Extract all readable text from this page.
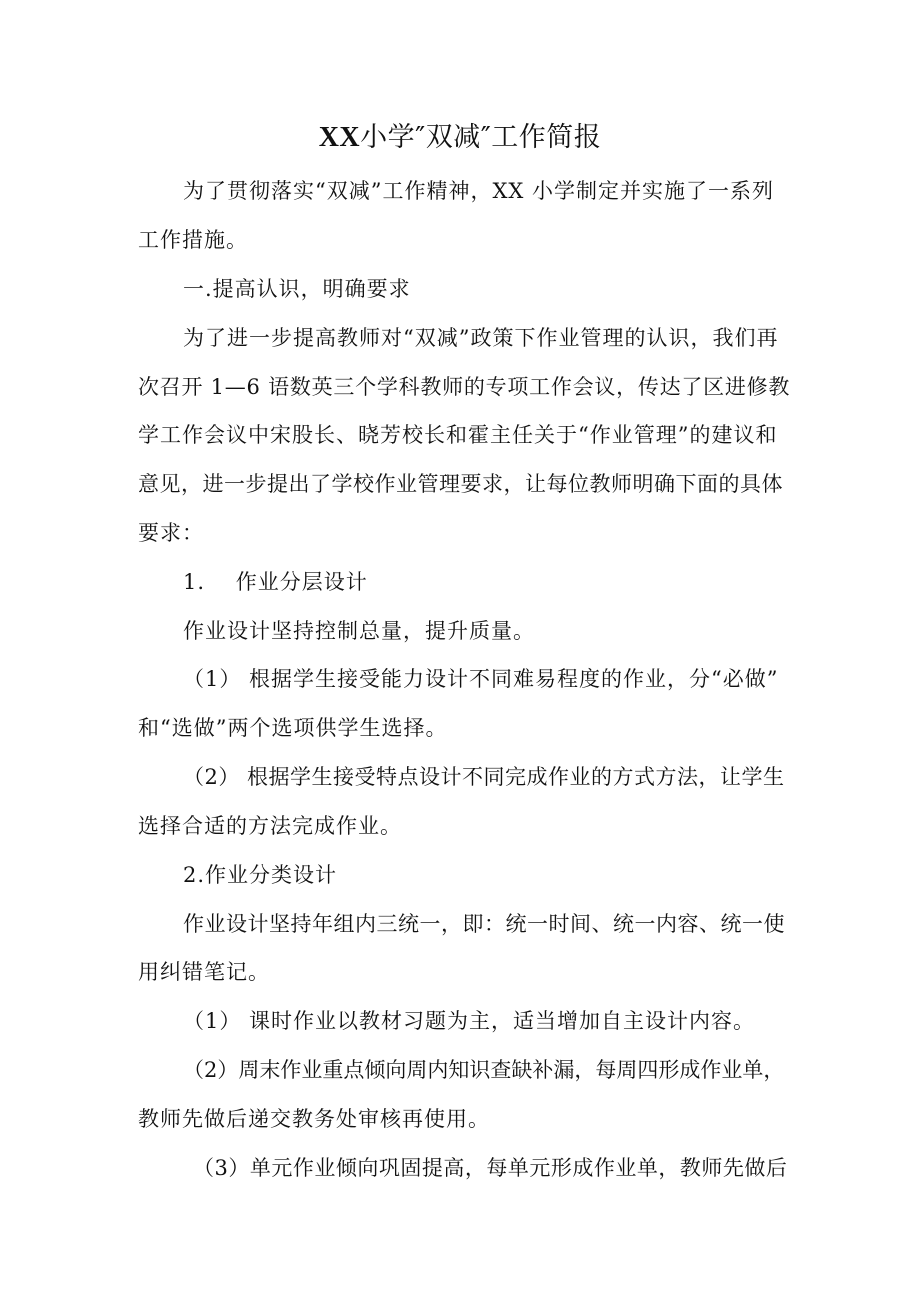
XX小学″双减″工作简报
为了贯彻落实“双减”工作精神，XX 小学制定并实施了一系列
工作措施。
一.提高认识，明确要求
为了进一步提高教师对“双减”政策下作业管理的认识，我们再
次召开 1—6 语数英三个学科教师的专项工作会议，传达了区进修教
学工作会议中宋股长、晓芳校长和霍主任关于“作业管理”的建议和
意见，进一步提出了学校作业管理要求，让每位教师明确下面的具体
要求：
1.    作业分层设计
作业设计坚持控制总量，提升质量。
（1） 根据学生接受能力设计不同难易程度的作业，分“必做”
和“选做”两个选项供学生选择。
（2） 根据学生接受特点设计不同完成作业的方式方法，让学生
选择合适的方法完成作业。
2.作业分类设计
作业设计坚持年组内三统一，即：统一时间、统一内容、统一使
用纠错笔记。
（1） 课时作业以教材习题为主，适当增加自主设计内容。
（2）周末作业重点倾向周内知识查缺补漏，每周四形成作业单，
教师先做后递交教务处审核再使用。
（3）单元作业倾向巩固提高，每单元形成作业单，教师先做后
